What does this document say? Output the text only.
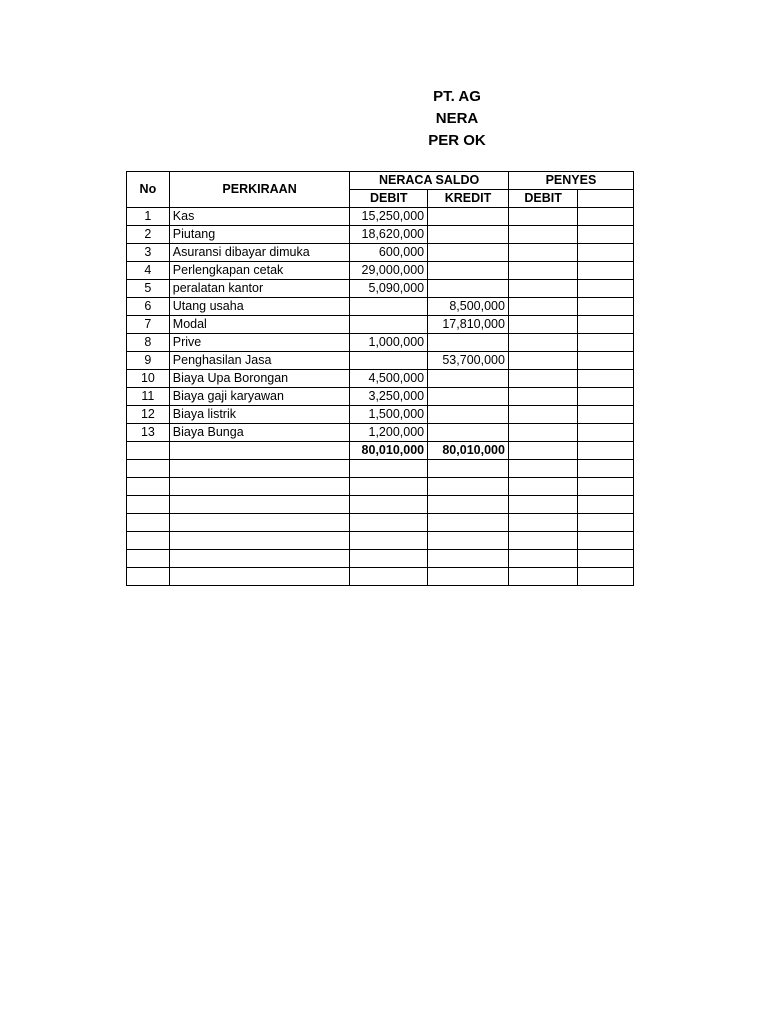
PT. AG
NERA
PER OK
No	PERKIRAAN	NERACA SALDO		PENYES	
		DEBIT	KREDIT	DEBIT	
1	Kas	15,250,000			
2	Piutang	18,620,000			
3	Asuransi dibayar dimuka	600,000			
4	Perlengkapan cetak	29,000,000			
5	peralatan kantor	5,090,000			
6	Utang usaha		8,500,000		
7	Modal		17,810,000		
8	Prive	1,000,000			
9	Penghasilan Jasa		53,700,000		
10	Biaya Upa Borongan	4,500,000			
11	Biaya gaji karyawan	3,250,000			
12	Biaya listrik	1,500,000			
13	Biaya Bunga	1,200,000			
		80,010,000	80,010,000		
